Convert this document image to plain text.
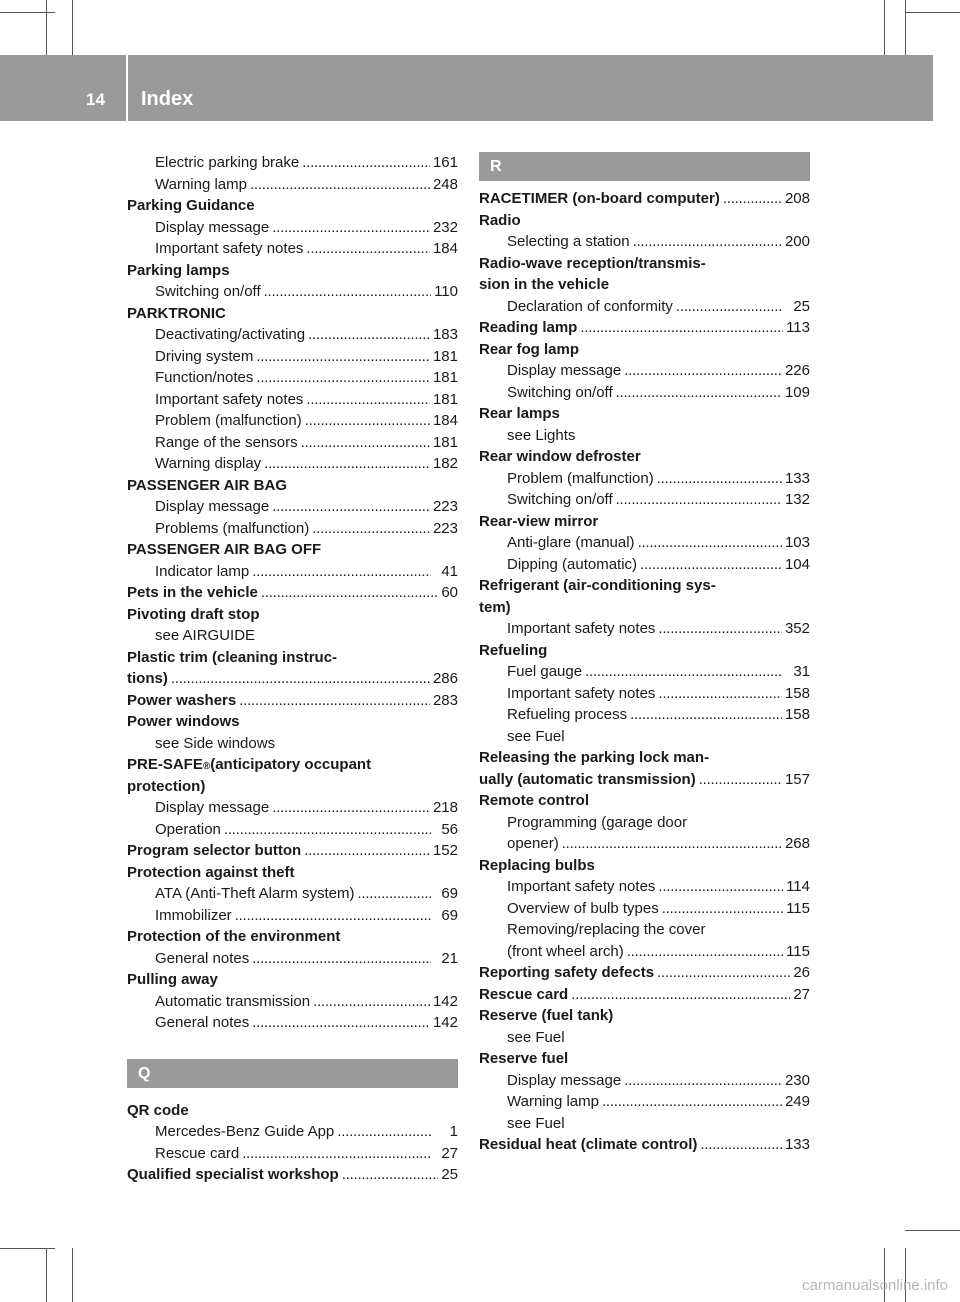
14 Index
Electric parking brake . . .	161
Warning lamp . . .	248
Parking Guidance
Display message . . .	232
Important safety notes . . .	184
Parking lamps
Switching on/off . . .	110
PARKTRONIC
Deactivating/activating . . .	183
Driving system . . .	181
Function/notes . . .	181
Important safety notes . . .	181
Problem (malfunction) . . .	184
Range of the sensors . . .	181
Warning display . . .	182
PASSENGER AIR BAG
Display message . . .	223
Problems (malfunction) . . .	223
PASSENGER AIR BAG OFF
Indicator lamp . . .	41
Pets in the vehicle . . .	60
Pivoting draft stop
see AIRGUIDE
Plastic trim (cleaning instruc-
tions) . . .	286
Power washers . . .	283
Power windows
see Side windows
PRE-SAFE ® (anticipatory occupant
protection)
Display message . . .	218
Operation . . .	56
Program selector button . . .	152
Protection against theft
ATA (Anti-Theft Alarm system) . . .	69
Immobilizer . . .	69
Protection of the environment
General notes . . .	21
Pulling away
Automatic transmission . . .	142
General notes . . .	142
Q
QR code
Mercedes-Benz Guide App . . .	1
Rescue card . . .	27
Qualified specialist workshop . . .	25
R
RACETIMER (on-board computer) . . .	208
Radio
Selecting a station . . .	200
Radio-wave reception/transmis-
sion in the vehicle
Declaration of conformity . . .	25
Reading lamp . . .	113
Rear fog lamp
Display message . . .	226
Switching on/off . . .	109
Rear lamps
see Lights
Rear window defroster
Problem (malfunction) . . .	133
Switching on/off . . .	132
Rear-view mirror
Anti-glare (manual) . . .	103
Dipping (automatic) . . .	104
Refrigerant (air-conditioning sys-
tem)
Important safety notes . . .	352
Refueling
Fuel gauge . . .	31
Important safety notes . . .	158
Refueling process . . .	158
see Fuel
Releasing the parking lock man-
ually (automatic transmission) . . .	157
Remote control
Programming (garage door
opener) . . .	268
Replacing bulbs
Important safety notes . . .	114
Overview of bulb types . . .	115
Removing/replacing the cover
(front wheel arch) . . .	115
Reporting safety defects . . .	26
Rescue card . . .	27
Reserve (fuel tank)
see Fuel
Reserve fuel
Display message . . .	230
Warning lamp . . .	249
see Fuel
Residual heat (climate control) . . .	133
carmanualsonline.info
